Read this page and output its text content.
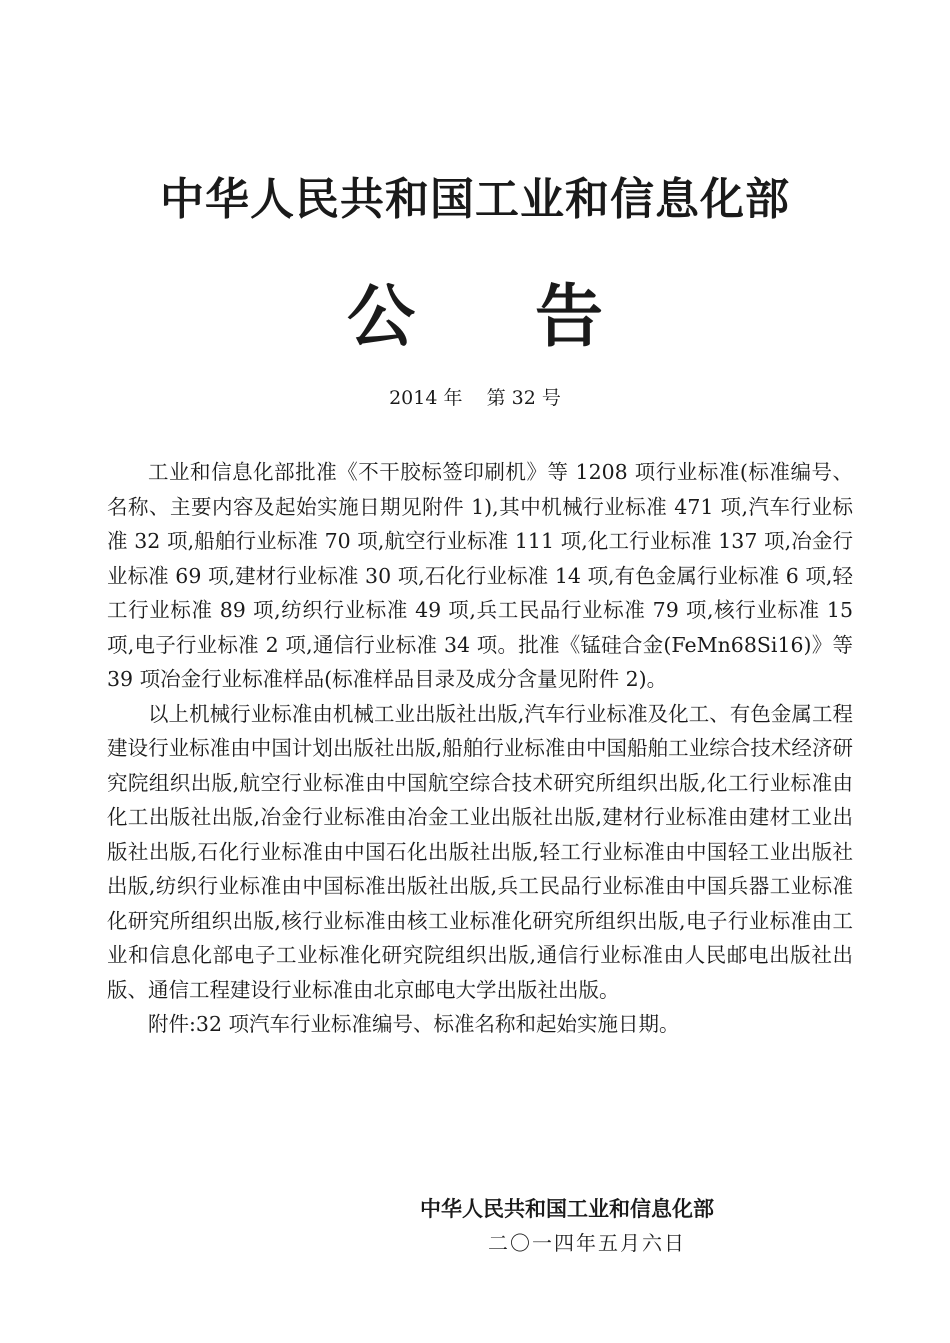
中华人民共和国工业和信息化部
公告
2014 年    第 32 号

工业和信息化部批准《不干胶标签印刷机》等 1208 项行业标准(标准编号、名称、主要内容及起始实施日期见附件 1),其中机械行业标准 471 项,汽车行业标准 32 项,船舶行业标准 70 项,航空行业标准 111 项,化工行业标准 137 项,冶金行业标准 69 项,建材行业标准 30 项,石化行业标准 14 项,有色金属行业标准 6 项,轻工行业标准 89 项,纺织行业标准 49 项,兵工民品行业标准 79 项,核行业标准 15 项,电子行业标准 2 项,通信行业标准 34 项。批准《锰硅合金(FeMn68Si16)》等 39 项冶金行业标准样品(标准样品目录及成分含量见附件 2)。

以上机械行业标准由机械工业出版社出版,汽车行业标准及化工、有色金属工程建设行业标准由中国计划出版社出版,船舶行业标准由中国船舶工业综合技术经济研究院组织出版,航空行业标准由中国航空综合技术研究所组织出版,化工行业标准由化工出版社出版,冶金行业标准由冶金工业出版社出版,建材行业标准由建材工业出版社出版,石化行业标准由中国石化出版社出版,轻工行业标准由中国轻工业出版社出版,纺织行业标准由中国标准出版社出版,兵工民品行业标准由中国兵器工业标准化研究所组织出版,核行业标准由核工业标准化研究所组织出版,电子行业标准由工业和信息化部电子工业标准化研究院组织出版,通信行业标准由人民邮电出版社出版、通信工程建设行业标准由北京邮电大学出版社出版。

附件:32 项汽车行业标准编号、标准名称和起始实施日期。

中华人民共和国工业和信息化部
二〇一四年五月六日
